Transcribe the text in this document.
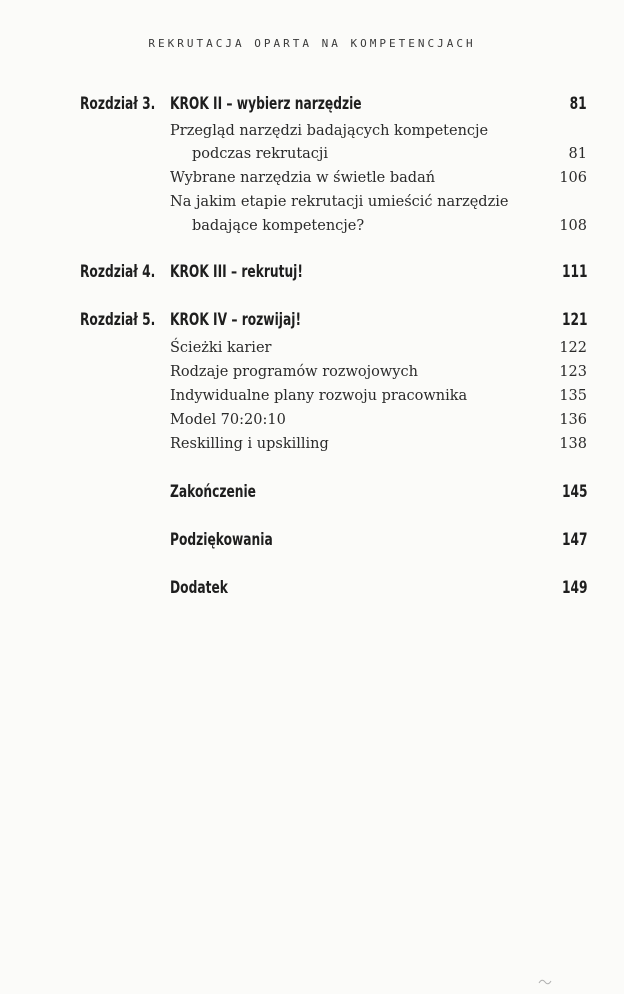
REKRUTACJA OPARTA NA KOMPETENCJACH
Rozdział 3. KROK II – wybierz narzędzie	81
Przegląd narzędzi badających kompetencje
podczas rekrutacji	81
Wybrane narzędzia w świetle badań	106
Na jakim etapie rekrutacji umieścić narzędzie
badające kompetencje?	108
Rozdział 4. KROK III – rekrutuj!	111
Rozdział 5. KROK IV – rozwijaj!	121
Ścieżki karier	122
Rodzaje programów rozwojowych	123
Indywidualne plany rozwoju pracownika	135
Model 70:20:10	136
Reskilling i upskilling	138
Zakończenie	145
Podziękowania	147
Dodatek	149
